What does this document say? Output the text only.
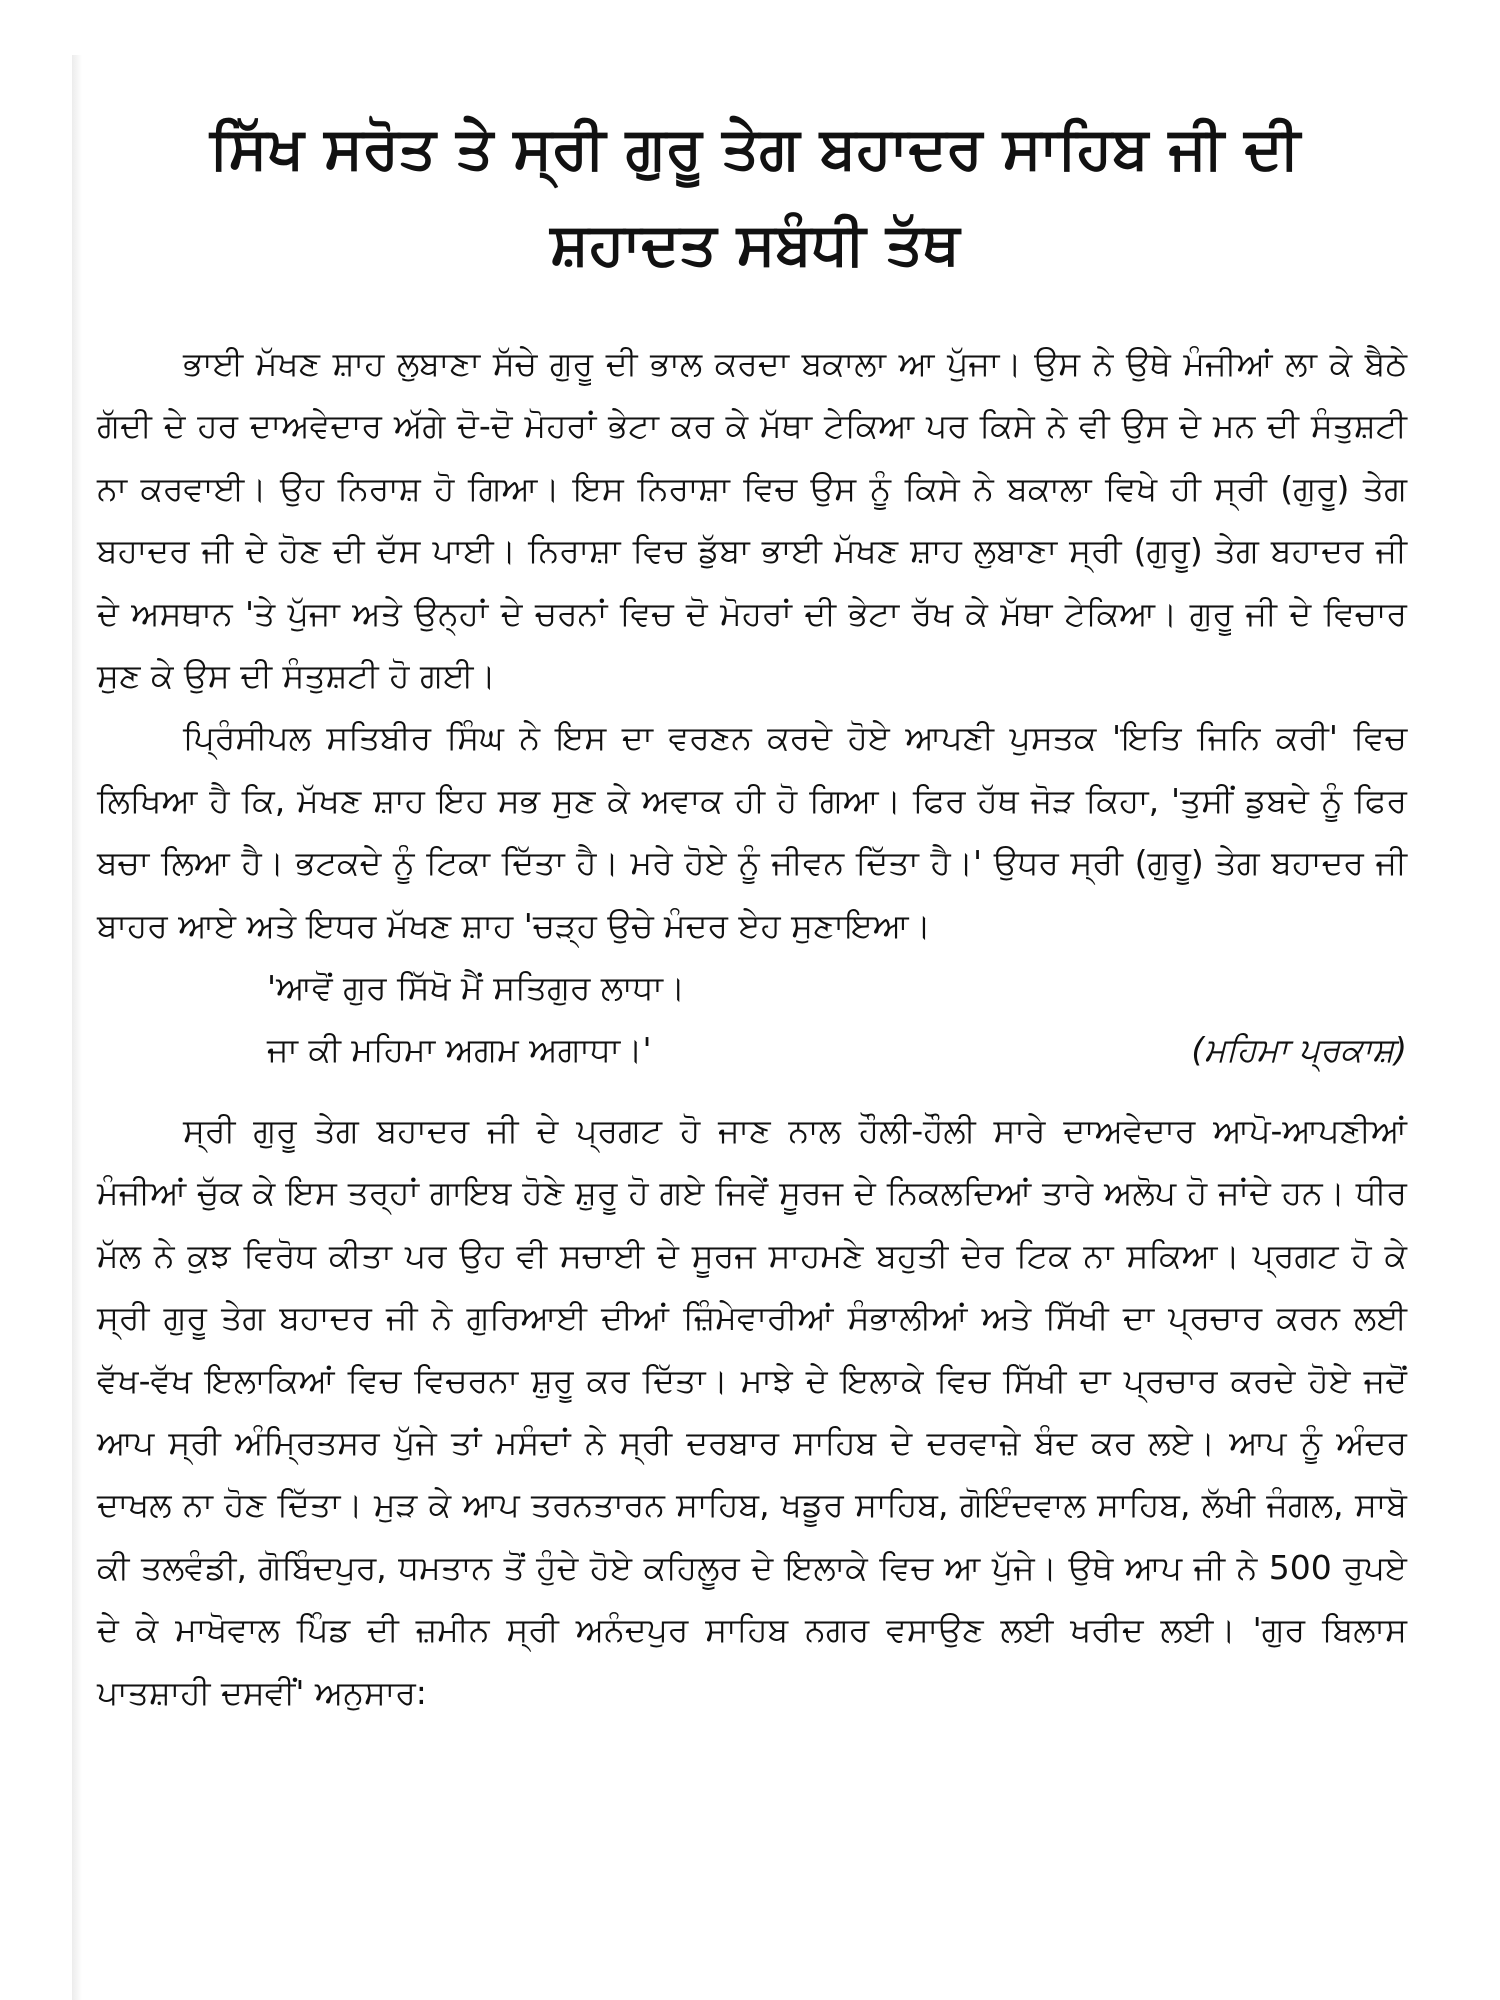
ਸਿੱਖ ਸਰੋਤ ਤੇ ਸ੍ਰੀ ਗੁਰੂ ਤੇਗ ਬਹਾਦਰ ਸਾਹਿਬ ਜੀ ਦੀ
ਸ਼ਹਾਦਤ ਸਬੰਧੀ ਤੱਥ

ਭਾਈ ਮੱਖਣ ਸ਼ਾਹ ਲੁਬਾਣਾ ਸੱਚੇ ਗੁਰੂ ਦੀ ਭਾਲ ਕਰਦਾ ਬਕਾਲਾ ਆ ਪੁੱਜਾ। ਉਸ ਨੇ ਉਥੇ ਮੰਜੀਆਂ ਲਾ ਕੇ ਬੈਠੇ ਗੱਦੀ ਦੇ ਹਰ ਦਾਅਵੇਦਾਰ ਅੱਗੇ ਦੋ-ਦੋ ਮੋਹਰਾਂ ਭੇਟਾ ਕਰ ਕੇ ਮੱਥਾ ਟੇਕਿਆ ਪਰ ਕਿਸੇ ਨੇ ਵੀ ਉਸ ਦੇ ਮਨ ਦੀ ਸੰਤੁਸ਼ਟੀ ਨਾ ਕਰਵਾਈ। ਉਹ ਨਿਰਾਸ਼ ਹੋ ਗਿਆ। ਇਸ ਨਿਰਾਸ਼ਾ ਵਿਚ ਉਸ ਨੂੰ ਕਿਸੇ ਨੇ ਬਕਾਲਾ ਵਿਖੇ ਹੀ ਸ੍ਰੀ (ਗੁਰੂ) ਤੇਗ ਬਹਾਦਰ ਜੀ ਦੇ ਹੋਣ ਦੀ ਦੱਸ ਪਾਈ। ਨਿਰਾਸ਼ਾ ਵਿਚ ਡੁੱਬਾ ਭਾਈ ਮੱਖਣ ਸ਼ਾਹ ਲੁਬਾਣਾ ਸ੍ਰੀ (ਗੁਰੂ) ਤੇਗ ਬਹਾਦਰ ਜੀ ਦੇ ਅਸਥਾਨ 'ਤੇ ਪੁੱਜਾ ਅਤੇ ਉਨ੍ਹਾਂ ਦੇ ਚਰਨਾਂ ਵਿਚ ਦੋ ਮੋਹਰਾਂ ਦੀ ਭੇਟਾ ਰੱਖ ਕੇ ਮੱਥਾ ਟੇਕਿਆ। ਗੁਰੂ ਜੀ ਦੇ ਵਿਚਾਰ ਸੁਣ ਕੇ ਉਸ ਦੀ ਸੰਤੁਸ਼ਟੀ ਹੋ ਗਈ।

ਪ੍ਰਿੰਸੀਪਲ ਸਤਿਬੀਰ ਸਿੰਘ ਨੇ ਇਸ ਦਾ ਵਰਣਨ ਕਰਦੇ ਹੋਏ ਆਪਣੀ ਪੁਸਤਕ 'ਇਤਿ ਜਿਨਿ ਕਰੀ' ਵਿਚ ਲਿਖਿਆ ਹੈ ਕਿ, ਮੱਖਣ ਸ਼ਾਹ ਇਹ ਸਭ ਸੁਣ ਕੇ ਅਵਾਕ ਹੀ ਹੋ ਗਿਆ। ਫਿਰ ਹੱਥ ਜੋੜ ਕਿਹਾ, 'ਤੁਸੀਂ ਡੁਬਦੇ ਨੂੰ ਫਿਰ ਬਚਾ ਲਿਆ ਹੈ। ਭਟਕਦੇ ਨੂੰ ਟਿਕਾ ਦਿੱਤਾ ਹੈ। ਮਰੇ ਹੋਏ ਨੂੰ ਜੀਵਨ ਦਿੱਤਾ ਹੈ।' ਉਧਰ ਸ੍ਰੀ (ਗੁਰੂ) ਤੇਗ ਬਹਾਦਰ ਜੀ ਬਾਹਰ ਆਏ ਅਤੇ ਇਧਰ ਮੱਖਣ ਸ਼ਾਹ 'ਚੜ੍ਹ ਉਚੇ ਮੰਦਰ ਏਹ ਸੁਣਾਇਆ।

'ਆਵੋਂ ਗੁਰ ਸਿੱਖੋ ਮੈਂ ਸਤਿਗੁਰ ਲਾਧਾ।
ਜਾ ਕੀ ਮਹਿਮਾ ਅਗਮ ਅਗਾਧਾ।'	(ਮਹਿਮਾ ਪ੍ਰਕਾਸ਼)

ਸ੍ਰੀ ਗੁਰੂ ਤੇਗ ਬਹਾਦਰ ਜੀ ਦੇ ਪ੍ਰਗਟ ਹੋ ਜਾਣ ਨਾਲ ਹੌਲੀ-ਹੌਲੀ ਸਾਰੇ ਦਾਅਵੇਦਾਰ ਆਪੋ-ਆਪਣੀਆਂ ਮੰਜੀਆਂ ਚੁੱਕ ਕੇ ਇਸ ਤਰ੍ਹਾਂ ਗਾਇਬ ਹੋਣੇ ਸ਼ੁਰੂ ਹੋ ਗਏ ਜਿਵੇਂ ਸੂਰਜ ਦੇ ਨਿਕਲਦਿਆਂ ਤਾਰੇ ਅਲੋਪ ਹੋ ਜਾਂਦੇ ਹਨ। ਧੀਰ ਮੱਲ ਨੇ ਕੁਝ ਵਿਰੋਧ ਕੀਤਾ ਪਰ ਉਹ ਵੀ ਸਚਾਈ ਦੇ ਸੂਰਜ ਸਾਹਮਣੇ ਬਹੁਤੀ ਦੇਰ ਟਿਕ ਨਾ ਸਕਿਆ। ਪ੍ਰਗਟ ਹੋ ਕੇ ਸ੍ਰੀ ਗੁਰੂ ਤੇਗ ਬਹਾਦਰ ਜੀ ਨੇ ਗੁਰਿਆਈ ਦੀਆਂ ਜ਼ਿੰਮੇਵਾਰੀਆਂ ਸੰਭਾਲੀਆਂ ਅਤੇ ਸਿੱਖੀ ਦਾ ਪ੍ਰਚਾਰ ਕਰਨ ਲਈ ਵੱਖ-ਵੱਖ ਇਲਾਕਿਆਂ ਵਿਚ ਵਿਚਰਨਾ ਸ਼ੁਰੂ ਕਰ ਦਿੱਤਾ। ਮਾਝੇ ਦੇ ਇਲਾਕੇ ਵਿਚ ਸਿੱਖੀ ਦਾ ਪ੍ਰਚਾਰ ਕਰਦੇ ਹੋਏ ਜਦੋਂ ਆਪ ਸ੍ਰੀ ਅੰਮ੍ਰਿਤਸਰ ਪੁੱਜੇ ਤਾਂ ਮਸੰਦਾਂ ਨੇ ਸ੍ਰੀ ਦਰਬਾਰ ਸਾਹਿਬ ਦੇ ਦਰਵਾਜ਼ੇ ਬੰਦ ਕਰ ਲਏ। ਆਪ ਨੂੰ ਅੰਦਰ ਦਾਖਲ ਨਾ ਹੋਣ ਦਿੱਤਾ। ਮੁੜ ਕੇ ਆਪ ਤਰਨਤਾਰਨ ਸਾਹਿਬ, ਖਡੂਰ ਸਾਹਿਬ, ਗੋਇੰਦਵਾਲ ਸਾਹਿਬ, ਲੱਖੀ ਜੰਗਲ, ਸਾਬੋ ਕੀ ਤਲਵੰਡੀ, ਗੋਬਿੰਦਪੁਰ, ਧਮਤਾਨ ਤੋਂ ਹੁੰਦੇ ਹੋਏ ਕਹਿਲੂਰ ਦੇ ਇਲਾਕੇ ਵਿਚ ਆ ਪੁੱਜੇ। ਉਥੇ ਆਪ ਜੀ ਨੇ 500 ਰੁਪਏ ਦੇ ਕੇ ਮਾਖੋਵਾਲ ਪਿੰਡ ਦੀ ਜ਼ਮੀਨ ਸ੍ਰੀ ਅਨੰਦਪੁਰ ਸਾਹਿਬ ਨਗਰ ਵਸਾਉਣ ਲਈ ਖਰੀਦ ਲਈ। 'ਗੁਰ ਬਿਲਾਸ ਪਾਤਸ਼ਾਹੀ ਦਸਵੀਂ' ਅਨੁਸਾਰ:
